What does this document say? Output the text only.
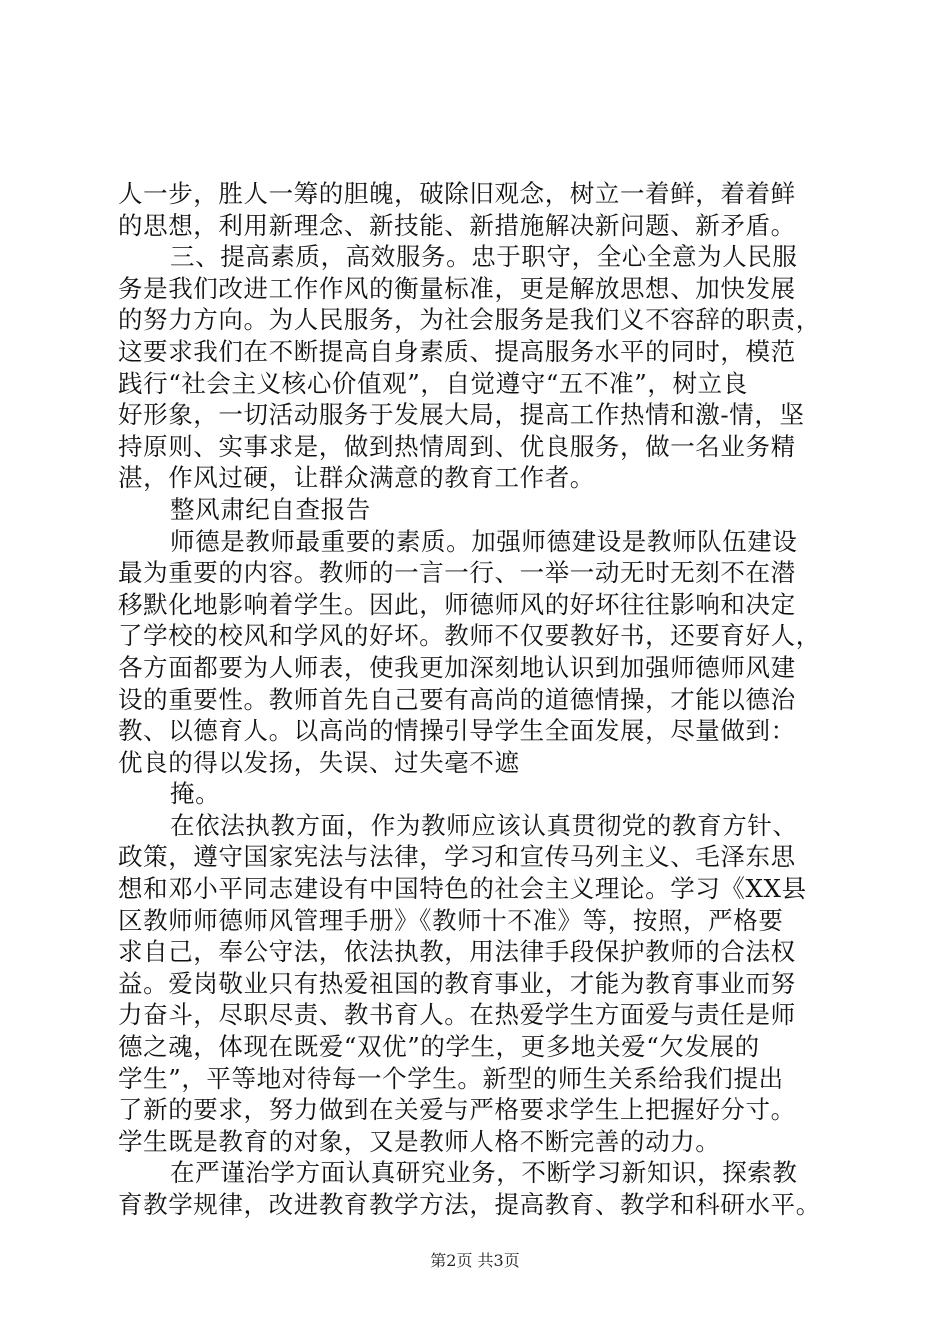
人一步，胜人一筹的胆魄，破除旧观念，树立一着鲜，着着鲜
的思想，利用新理念、新技能、新措施解决新问题、新矛盾。
三、提高素质，高效服务。忠于职守，全心全意为人民服
务是我们改进工作作风的衡量标准，更是解放思想、加快发展
的努力方向。为人民服务，为社会服务是我们义不容辞的职责，
这要求我们在不断提高自身素质、提高服务水平的同时，模范
践行“社会主义核心价值观”，自觉遵守“五不准”，树立良
好形象，一切活动服务于发展大局，提高工作热情和激-情，坚
持原则、实事求是，做到热情周到、优良服务，做一名业务精
湛，作风过硬，让群众满意的教育工作者。
整风肃纪自查报告
师德是教师最重要的素质。加强师德建设是教师队伍建设
最为重要的内容。教师的一言一行、一举一动无时无刻不在潜
移默化地影响着学生。因此，师德师风的好坏往往影响和决定
了学校的校风和学风的好坏。教师不仅要教好书，还要育好人，
各方面都要为人师表，使我更加深刻地认识到加强师德师风建
设的重要性。教师首先自己要有高尚的道德情操，才能以德治
教、以德育人。以高尚的情操引导学生全面发展，尽量做到：
优良的得以发扬，失误、过失毫不遮
掩。
在依法执教方面，作为教师应该认真贯彻党的教育方针、
政策，遵守国家宪法与法律，学习和宣传马列主义、毛泽东思
想和邓小平同志建设有中国特色的社会主义理论。学习《XX县
区教师师德师风管理手册》《教师十不准》等，按照，严格要
求自己，奉公守法，依法执教，用法律手段保护教师的合法权
益。爱岗敬业只有热爱祖国的教育事业，才能为教育事业而努
力奋斗，尽职尽责、教书育人。在热爱学生方面爱与责任是师
德之魂，体现在既爱“双优”的学生，更多地关爱“欠发展的
学生”，平等地对待每一个学生。新型的师生关系给我们提出
了新的要求，努力做到在关爱与严格要求学生上把握好分寸。
学生既是教育的对象，又是教师人格不断完善的动力。
在严谨治学方面认真研究业务，不断学习新知识，探索教
育教学规律，改进教育教学方法，提高教育、教学和科研水平。
第2页 共3页
